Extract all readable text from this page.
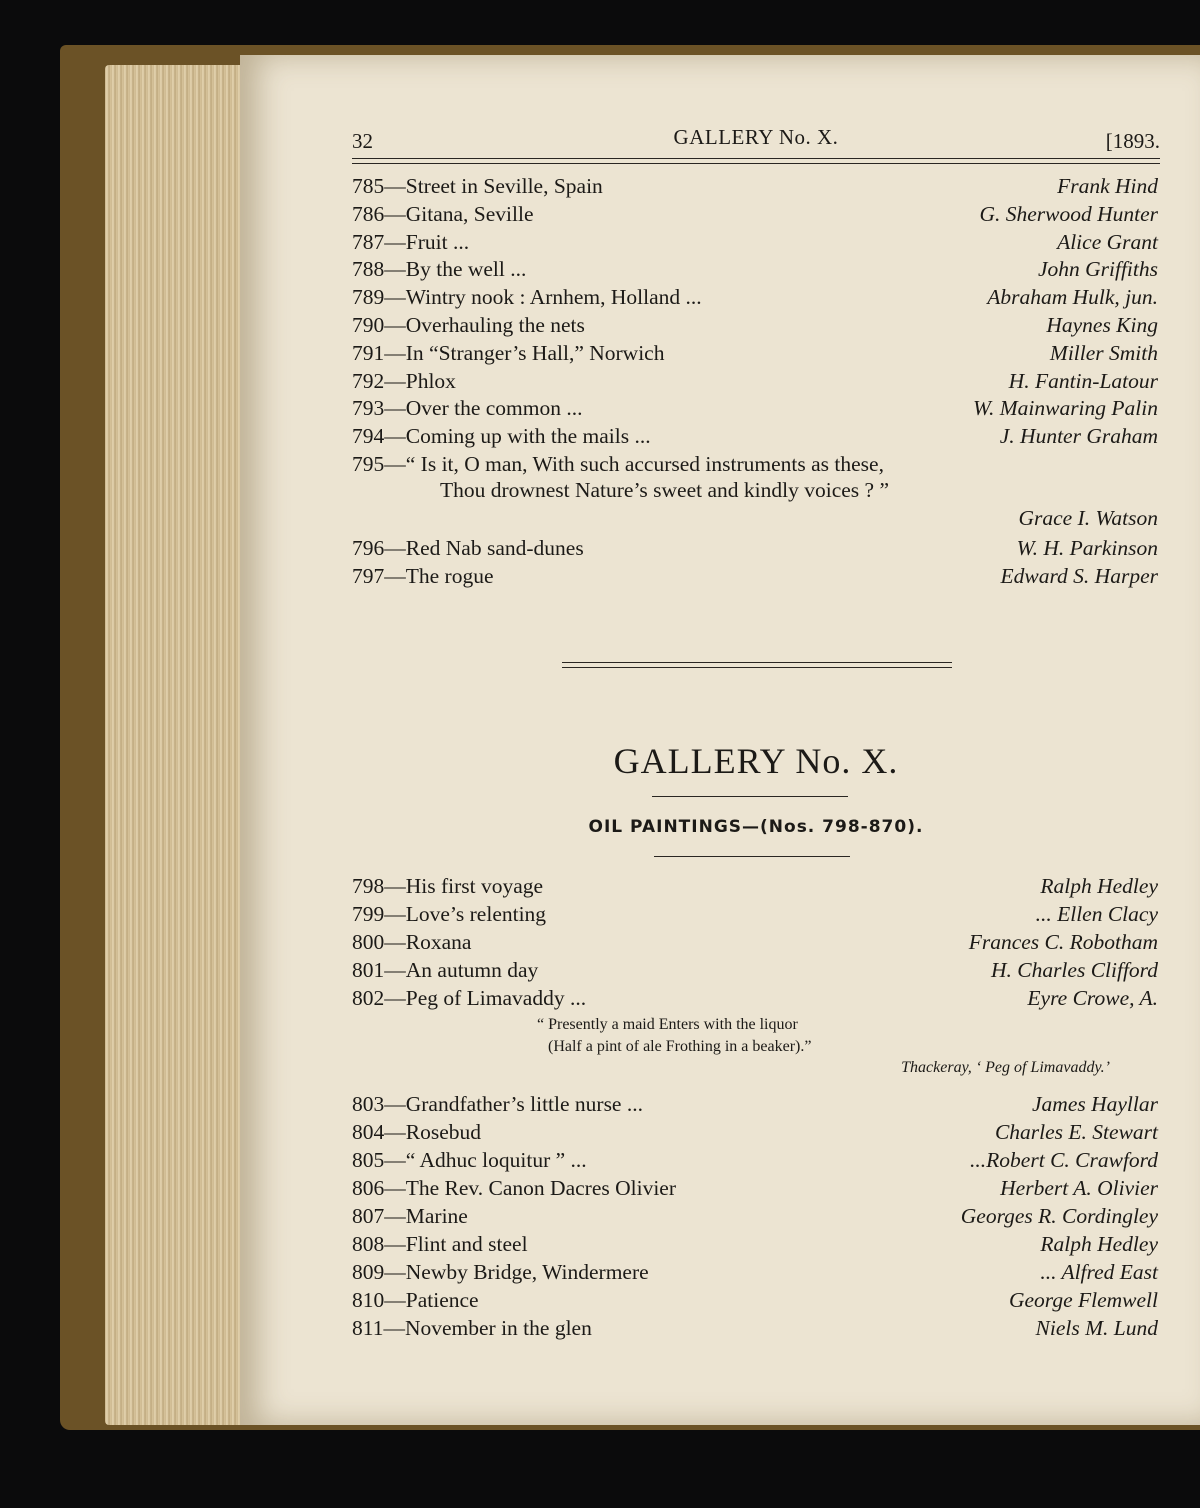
32	GALLERY No. X.	[1893.
785—Street in Seville, Spain	Frank Hind
786—Gitana, Seville	G. Sherwood Hunter
787—Fruit ...	Alice Grant
788—By the well ...	John Griffiths
789—Wintry nook : Arnhem, Holland ...	Abraham Hulk, jun.
790—Overhauling the nets	Haynes King
791—In “Stranger’s Hall,” Norwich	Miller Smith
792—Phlox	H. Fantin-Latour
793—Over the common ...	W. Mainwaring Palin
794—Coming up with the mails ...	J. Hunter Graham
795—“ Is it, O man, With such accursed instruments as these,
Thou drownest Nature’s sweet and kindly voices ? ”
Grace I. Watson
796—Red Nab sand-dunes	W. H. Parkinson
797—The rogue	Edward S. Harper
GALLERY No. X.
OIL PAINTINGS—(Nos. 798-870).
798—His first voyage	Ralph Hedley
799—Love’s relenting	... Ellen Clacy
800—Roxana	Frances C. Robotham
801—An autumn day	H. Charles Clifford
802—Peg of Limavaddy ...	Eyre Crowe, A.
“ Presently a maid Enters with the liquor
(Half a pint of ale Frothing in a beaker).”
Thackeray, ‘ Peg of Limavaddy.’
803—Grandfather’s little nurse ...	James Hayllar
804—Rosebud	Charles E. Stewart
805—“ Adhuc loquitur ” ...	...Robert C. Crawford
806—The Rev. Canon Dacres Olivier	Herbert A. Olivier
807—Marine	Georges R. Cordingley
808—Flint and steel	Ralph Hedley
809—Newby Bridge, Windermere	... Alfred East
810—Patience	George Flemwell
811—November in the glen	Niels M. Lund
